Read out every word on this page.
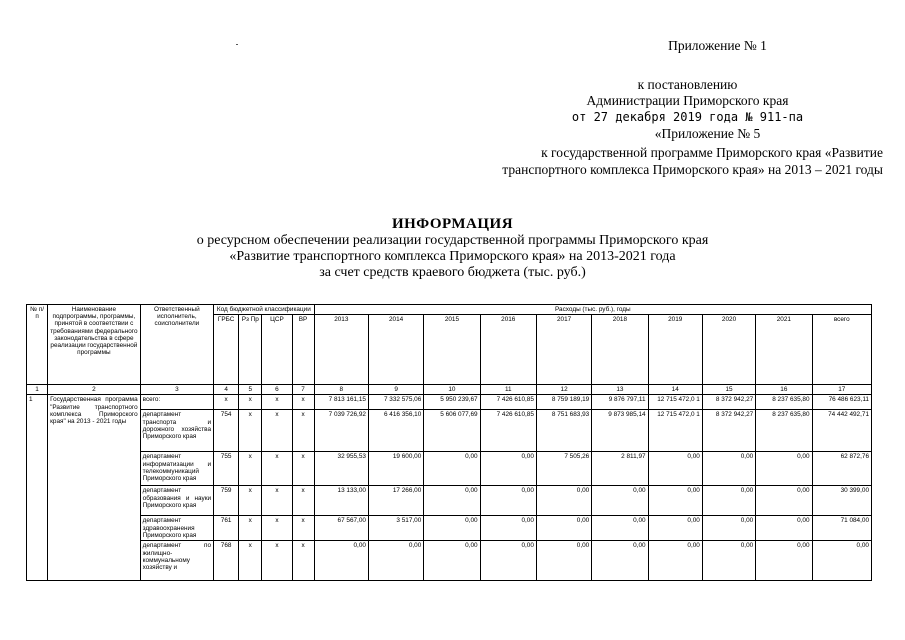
Приложение № 1
к постановлению
Администрации Приморского края
от 27 декабря 2019 года № 911-па
«Приложение № 5
к государственной программе Приморского края «Развитие
транспортного комплекса Приморского края» на 2013 – 2021 годы
ИНФОРМАЦИЯ
о ресурсном обеспечении реализации государственной программы Приморского края
«Развитие транспортного комплекса Приморского края» на 2013-2021 года
за счет средств краевого бюджета (тыс. руб.)
№ п/п	Наименование подпрограммы, программы, принятой в соответствии с требованиями федерального законодательства в сфере реализации государственной программы	Ответственный исполнитель, соисполнители	Код бюджетной классификации				Расходы (тыс. руб.), годы									
			ГРБС	Рз Пр	ЦСР	ВР	2013	2014	2015	2016	2017	2018	2019	2020	2021	всего
1	2	3	4	5	6	7	8	9	10	11	12	13	14	15	16	17
1	Государственная программа "Развитие транспортного комплекса Приморского края" на 2013 - 2021 годы	всего:	x	x	x	x	7 813 161,15	7 332 575,06	5 950 239,67	7 426 610,85	8 759 189,19	9 876 797,11	12 715 472,0 1	8 372 942,27	8 237 635,80	76 486 623,11
		департамент транспорта и дорожного хозяйства Приморского края	754	x	x	x	7 039 726,92	6 416 356,10	5 606 077,69	7 426 610,85	8 751 683,93	9 873 985,14	12 715 472,0 1	8 372 942,27	8 237 635,80	74 442 492,71
		департамент информатизации и телекоммуникаций Приморского края	755	x	x	x	32 955,53	19 600,00	0,00	0,00	7 505,26	2 811,97	0,00	0,00	0,00	62 872,76
		департамент образования и науки Приморского края	759	x	x	x	13 133,00	17 266,00	0,00	0,00	0,00	0,00	0,00	0,00	0,00	30 399,00
		департамент здравоохранения Приморского края	761	x	x	x	67 567,00	3 517,00	0,00	0,00	0,00	0,00	0,00	0,00	0,00	71 084,00
		департамент по жилищно-коммунальному хозяйству и	768	x	x	x	0,00	0,00	0,00	0,00	0,00	0,00	0,00	0,00	0,00	0,00
